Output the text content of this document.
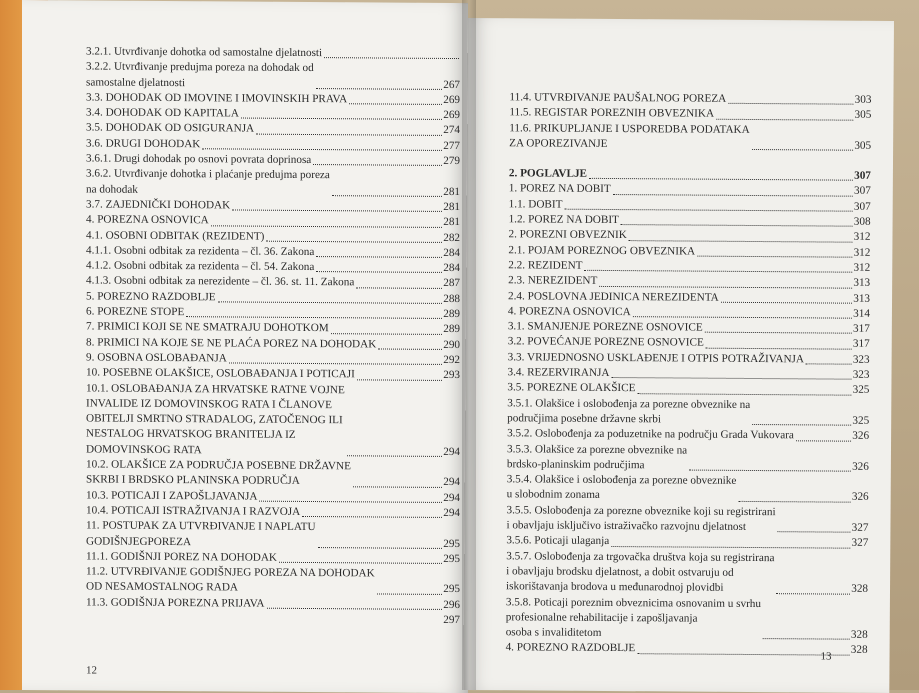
3.2.1. Utvrđivanje dohotka od samostalne djelatnosti
3.2.2. Utvrđivanje predujma poreza na dohodak od
samostalne djelatnosti	267
3.3. DOHODAK OD IMOVINE I IMOVINSKIH PRAVA	269
3.4. DOHODAK OD KAPITALA	269
3.5. DOHODAK OD OSIGURANJA	274
3.6. DRUGI DOHODAK	277
3.6.1. Drugi dohodak po osnovi povrata doprinosa	279
3.6.2. Utvrđivanje dohotka i plaćanje predujma poreza
na dohodak	281
3.7. ZAJEDNIČKI DOHODAK	281
4. POREZNA OSNOVICA	281
4.1. OSOBNI ODBITAK (REZIDENT)	282
4.1.1. Osobni odbitak za rezidenta – čl. 36. Zakona	284
4.1.2. Osobni odbitak za rezidenta – čl. 54. Zakona	284
4.1.3. Osobni odbitak za nerezidente – čl. 36. st. 11. Zakona	287
5. POREZNO RAZDOBLJE	288
6. POREZNE STOPE	289
7. PRIMICI KOJI SE NE SMATRAJU DOHOTKOM	289
8. PRIMICI NA KOJE SE NE PLAĆA POREZ NA DOHODAK	290
9. OSOBNA OSLOBAĐANJA	292
10. POSEBNE OLAKŠICE, OSLOBAĐANJA I POTICAJI	293
10.1. OSLOBAĐANJA ZA HRVATSKE RATNE VOJNE
INVALIDE IZ DOMOVINSKOG RATA I ČLANOVE
OBITELJI SMRTNO STRADALOG, ZATOČENOG ILI
NESTALOG HRVATSKOG BRANITELJA IZ
DOMOVINSKOG RATA	294
10.2. OLAKŠICE ZA PODRUČJA POSEBNE DRŽAVNE
SKRBI I BRDSKO PLANINSKA PODRUČJA	294
10.3. POTICAJI I ZAPOŠLJAVANJA	294
10.4. POTICAJI ISTRAŽIVANJA I RAZVOJA	294
11. POSTUPAK ZA UTVRĐIVANJE I NAPLATU
GODIŠNJEGPOREZA	295
11.1. GODIŠNJI POREZ NA DOHODAK	295
11.2. UTVRĐIVANJE GODIŠNJEG POREZA NA DOHODAK
OD NESAMOSTALNOG RADA	295
11.3. GODIŠNJA POREZNA PRIJAVA	296
297
12
11.4. UTVRĐIVANJE PAUŠALNOG POREZA	303
11.5. REGISTAR POREZNIH OBVEZNIKA	305
11.6. PRIKUPLJANJE I USPOREDBA PODATAKA
ZA OPOREZIVANJE	305
2. POGLAVLJE	307
1. POREZ NA DOBIT	307
1.1. DOBIT	307
1.2. POREZ NA DOBIT	308
2. POREZNI OBVEZNIK	312
2.1. POJAM POREZNOG OBVEZNIKA	312
2.2. REZIDENT	312
2.3. NEREZIDENT	313
2.4. POSLOVNA JEDINICA NEREZIDENTA	313
4. POREZNA OSNOVICA	314
3.1. SMANJENJE POREZNE OSNOVICE	317
3.2. POVEĆANJE POREZNE OSNOVICE	317
3.3. VRIJEDNOSNO USKLAĐENJE I OTPIS POTRAŽIVANJA	323
3.4. REZERVIRANJA	323
3.5. POREZNE OLAKŠICE	325
3.5.1. Olakšice i oslobođenja za porezne obveznike na
područjima posebne državne skrbi	325
3.5.2. Oslobođenja za poduzetnike na području Grada Vukovara	326
3.5.3. Olakšice za porezne obveznike na
brdsko-planinskim područjima	326
3.5.4. Olakšice i oslobođenja za porezne obveznike
u slobodnim zonama	326
3.5.5. Oslobođenja za porezne obveznike koji su registrirani
i obavljaju isključivo istraživačko razvojnu djelatnost	327
3.5.6. Poticaji ulaganja	327
3.5.7. Oslobođenja za trgovačka društva koja su registrirana
i obavljaju brodsku djelatnost, a dobit ostvaruju od
iskorištavanja brodova u međunarodnoj plovidbi	328
3.5.8. Poticaji poreznim obveznicima osnovanim u svrhu
profesionalne rehabilitacije i zapošljavanja
osoba s invaliditetom	328
4. POREZNO RAZDOBLJE	328
13
